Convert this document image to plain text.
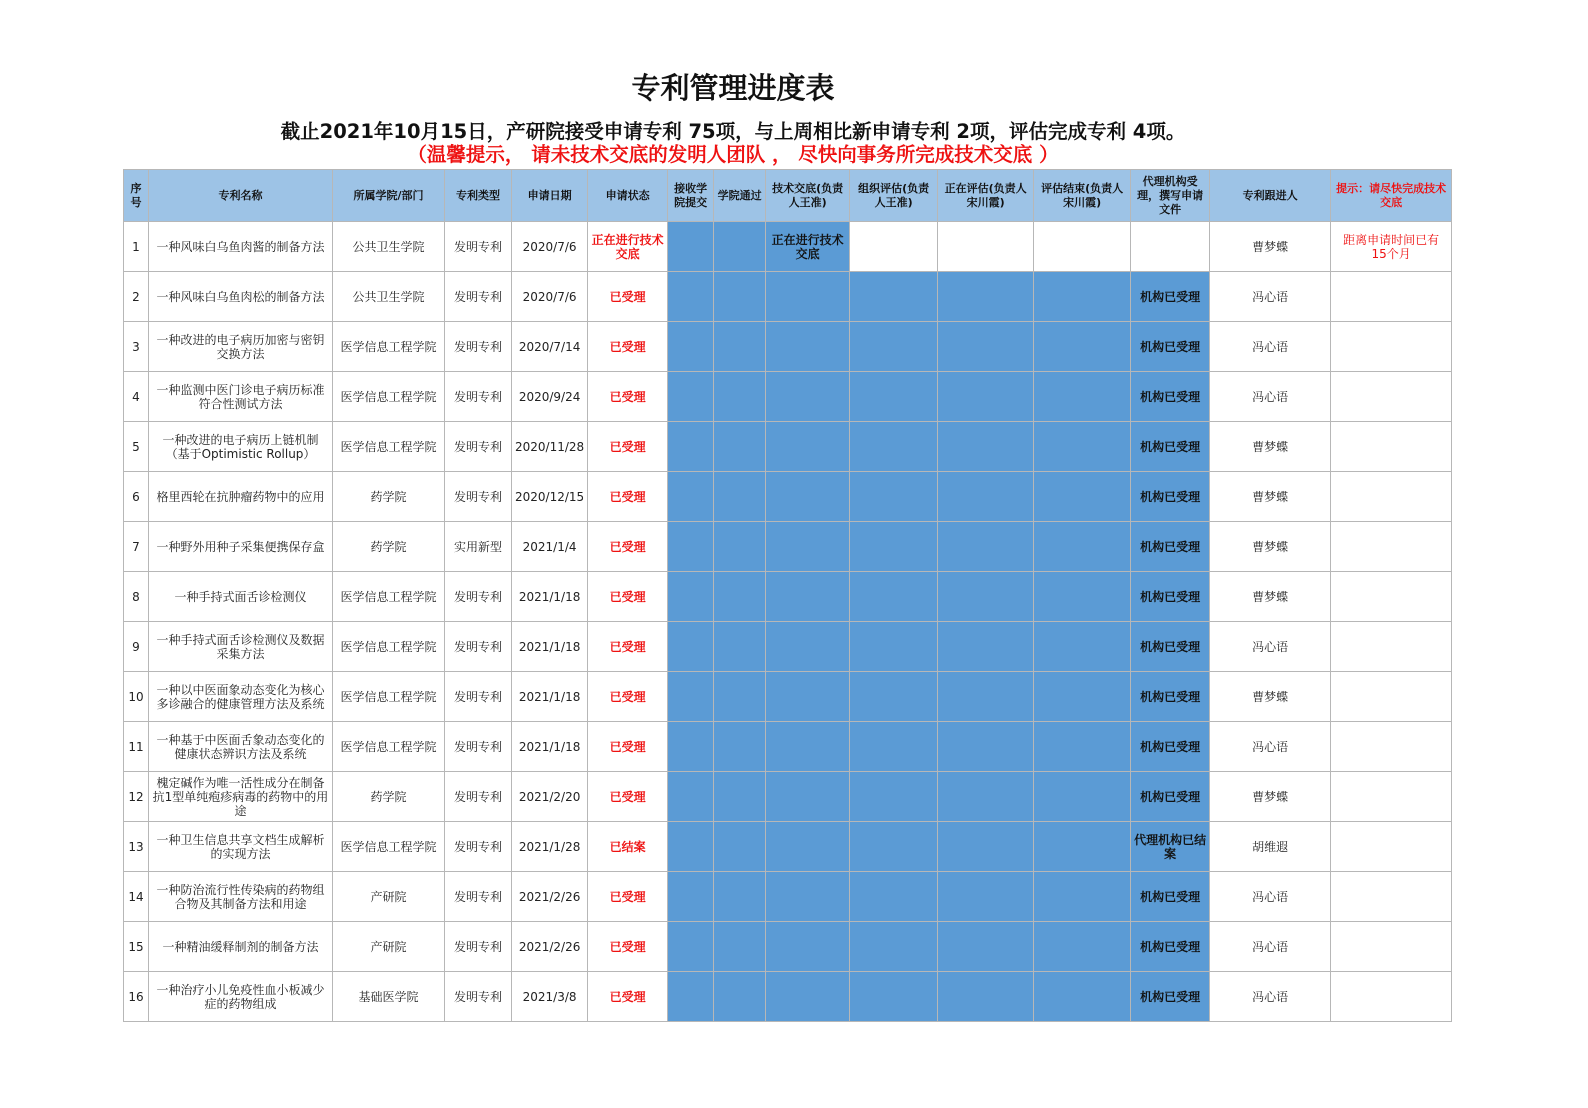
专利管理进度表
截止2021年10月15日，产研院接受申请专利 75项，与上周相比新申请专利 2项，评估完成专利 4项。
（温馨提示， 请未技术交底的发明人团队 ， 尽快向事务所完成技术交底 ）
序号	专利名称	所属学院/部门	专利类型	申请日期	申请状态	接收学院提交	学院通过	技术交底(负责人王准)	组织评估(负责人王准)	正在评估(负责人宋川霞)	评估结束(负责人宋川霞)	代理机构受理，撰写申请文件	专利跟进人	提示：请尽快完成技术交底
1	一种风味白乌鱼肉酱的制备方法	公共卫生学院	发明专利	2020/7/6	正在进行技术交底			正在进行技术交底					曹梦蝶	距离申请时间已有 15个月
2	一种风味白乌鱼肉松的制备方法	公共卫生学院	发明专利	2020/7/6	已受理							机构已受理	冯心语	
3	一种改进的电子病历加密与密钥交换方法	医学信息工程学院	发明专利	2020/7/14	已受理							机构已受理	冯心语	
4	一种监测中医门诊电子病历标准符合性测试方法	医学信息工程学院	发明专利	2020/9/24	已受理							机构已受理	冯心语	
5	一种改进的电子病历上链机制（基于Optimistic Rollup）	医学信息工程学院	发明专利	2020/11/28	已受理							机构已受理	曹梦蝶	
6	格里西轮在抗肿瘤药物中的应用	药学院	发明专利	2020/12/15	已受理							机构已受理	曹梦蝶	
7	一种野外用种子采集便携保存盒	药学院	实用新型	2021/1/4	已受理							机构已受理	曹梦蝶	
8	一种手持式面舌诊检测仪	医学信息工程学院	发明专利	2021/1/18	已受理							机构已受理	曹梦蝶	
9	一种手持式面舌诊检测仪及数据采集方法	医学信息工程学院	发明专利	2021/1/18	已受理							机构已受理	冯心语	
10	一种以中医面象动态变化为核心多诊融合的健康管理方法及系统	医学信息工程学院	发明专利	2021/1/18	已受理							机构已受理	曹梦蝶	
11	一种基于中医面舌象动态变化的健康状态辨识方法及系统	医学信息工程学院	发明专利	2021/1/18	已受理							机构已受理	冯心语	
12	槐定碱作为唯一活性成分在制备抗1型单纯疱疹病毒的药物中的用途	药学院	发明专利	2021/2/20	已受理							机构已受理	曹梦蝶	
13	一种卫生信息共享文档生成解析的实现方法	医学信息工程学院	发明专利	2021/1/28	已结案							代理机构已结案	胡维遐	
14	一种防治流行性传染病的药物组合物及其制备方法和用途	产研院	发明专利	2021/2/26	已受理							机构已受理	冯心语	
15	一种精油缓释制剂的制备方法	产研院	发明专利	2021/2/26	已受理							机构已受理	冯心语	
16	一种治疗小儿免疫性血小板减少症的药物组成	基础医学院	发明专利	2021/3/8	已受理							机构已受理	冯心语	
